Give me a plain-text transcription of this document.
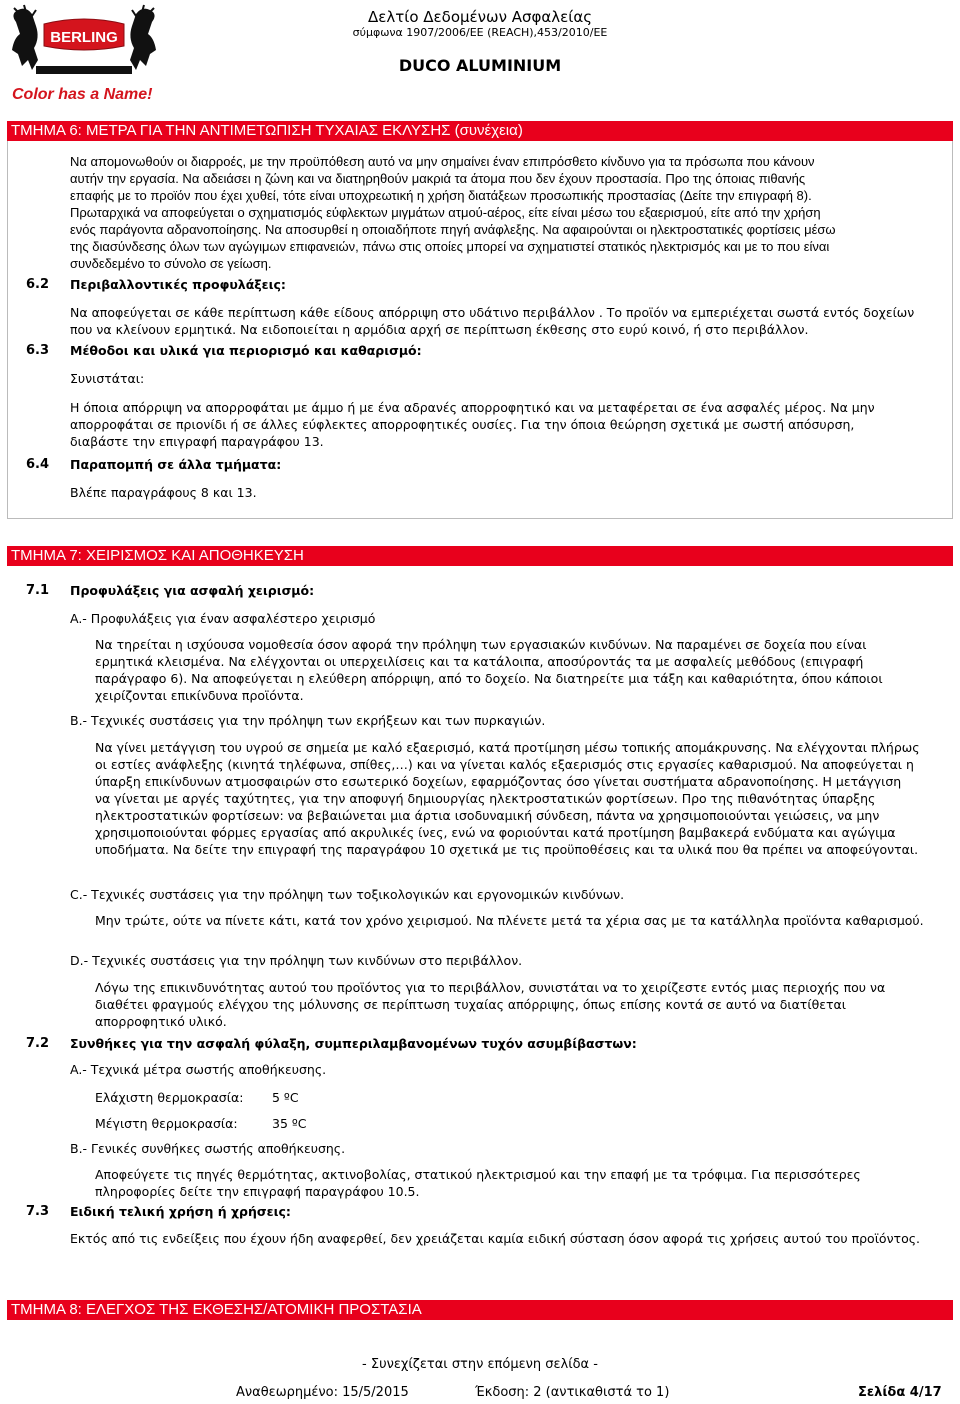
BERLING
Color has a Name!
Δελτίο Δεδομένων Ασφαλείας
σύμφωνα 1907/2006/ΕΕ (REACH),453/2010/ΕΕ
DUCO ALUMINIUM
ΤΜΗΜΑ 6: ΜΕΤΡΑ ΓΙΑ ΤΗΝ ΑΝΤΙΜΕΤΩΠΙΣΗ ΤΥΧΑΙΑΣ ΕΚΛΥΣΗΣ (συνέχεια)
Να απομονωθούν οι διαρροές, με την προϋπόθεση αυτό να μην σημαίνει έναν επιπρόσθετο κίνδυνο για τα πρόσωπα που κάνουν
αυτήν την εργασία. Να αδειάσει η ζώνη και να διατηρηθούν μακριά τα άτομα που δεν έχουν προστασία. Προ της όποιας πιθανής
επαφής με το προϊόν που έχει χυθεί, τότε είναι υποχρεωτική η χρήση διατάξεων προσωπικής προστασίας (Δείτε την επιγραφή 8).
Πρωταρχικά να αποφεύγεται ο σχηματισμός εύφλεκτων μιγμάτων ατμού-αέρος, είτε είναι μέσω του εξαερισμού, είτε από την χρήση
ενός παράγοντα αδρανοποίησης. Να αποσυρθεί η οποιαδήποτε πηγή ανάφλεξης. Να αφαιρούνται οι ηλεκτροστατικές φορτίσεις μέσω
της διασύνδεσης όλων των αγώγιμων επιφανειών, πάνω στις οποίες μπορεί να σχηματιστεί στατικός ηλεκτρισμός και με το που είναι
συνδεδεμένο το σύνολο σε γείωση.
6.2 Περιβαλλοντικές προφυλάξεις:
Να αποφεύγεται σε κάθε περίπτωση κάθε είδους απόρριψη στο υδάτινο περιβάλλον . Το προϊόν να εμπεριέχεται σωστά εντός δοχείων
που να κλείνουν ερμητικά. Να ειδοποιείται η αρμόδια αρχή σε περίπτωση έκθεσης στο ευρύ κοινό, ή στο περιβάλλον.
6.3 Μέθοδοι και υλικά για περιορισμό και καθαρισμό:
Συνιστάται:
Η όποια απόρριψη να απορροφάται με άμμο ή με ένα αδρανές απορροφητικό και να μεταφέρεται σε ένα ασφαλές μέρος. Να μην
απορροφάται σε πριονίδι ή σε άλλες εύφλεκτες απορροφητικές ουσίες. Για την όποια θεώρηση σχετικά με σωστή απόσυρση,
διαβάστε την επιγραφή παραγράφου 13.
6.4 Παραπομπή σε άλλα τμήματα:
Βλέπε παραγράφους 8 και 13.
ΤΜΗΜΑ 7: ΧΕΙΡΙΣΜΟΣ ΚΑΙ ΑΠΟΘΗΚΕΥΣΗ
7.1 Προφυλάξεις για ασφαλή χειρισμό:
A.- Προφυλάξεις για έναν ασφαλέστερο χειρισμό
Να τηρείται η ισχύουσα νομοθεσία όσον αφορά την πρόληψη των εργασιακών κινδύνων. Να παραμένει σε δοχεία που είναι
ερμητικά κλεισμένα. Να ελέγχονται οι υπερχειλίσεις και τα κατάλοιπα, αποσύροντάς τα με ασφαλείς μεθόδους (επιγραφή
παράγραφο 6). Να αποφεύγεται η ελεύθερη απόρριψη, από το δοχείο. Να διατηρείτε μια τάξη και καθαριότητα, όπου κάποιοι
χειρίζονται επικίνδυνα προϊόντα.
B.- Τεχνικές συστάσεις για την πρόληψη των εκρήξεων και των πυρκαγιών.
Να γίνει μετάγγιση του υγρού σε σημεία με καλό εξαερισμό, κατά προτίμηση μέσω τοπικής απομάκρυνσης. Να ελέγχονται πλήρως
οι εστίες ανάφλεξης (κινητά τηλέφωνα, σπίθες,…) και να γίνεται καλός εξαερισμός στις εργασίες καθαρισμού. Να αποφεύγεται η
ύπαρξη επικίνδυνων ατμοσφαιρών στο εσωτερικό δοχείων, εφαρμόζοντας όσο γίνεται συστήματα αδρανοποίησης. Η μετάγγιση
να γίνεται με αργές ταχύτητες, για την αποφυγή δημιουργίας ηλεκτροστατικών φορτίσεων. Προ της πιθανότητας ύπαρξης
ηλεκτροστατικών φορτίσεων: να βεβαιώνεται μια άρτια ισοδυναμική σύνδεση, πάντα να χρησιμοποιούνται γειώσεις, να μην
χρησιμοποιούνται φόρμες εργασίας από ακρυλικές ίνες, ενώ να φοριούνται κατά προτίμηση βαμβακερά ενδύματα και αγώγιμα
υποδήματα. Να δείτε την επιγραφή της παραγράφου 10 σχετικά με τις προϋποθέσεις και τα υλικά που θα πρέπει να αποφεύγονται.
C.- Τεχνικές συστάσεις για την πρόληψη των τοξικολογικών και εργονομικών κινδύνων.
Μην τρώτε, ούτε να πίνετε κάτι, κατά τον χρόνο χειρισμού. Να πλένετε μετά τα χέρια σας με τα κατάλληλα προϊόντα καθαρισμού.
D.- Τεχνικές συστάσεις για την πρόληψη των κινδύνων στο περιβάλλον.
Λόγω της επικινδυνότητας αυτού του προϊόντος για το περιβάλλον, συνιστάται να το χειρίζεστε εντός μιας περιοχής που να
διαθέτει φραγμούς ελέγχου της μόλυνσης σε περίπτωση τυχαίας απόρριψης, όπως επίσης κοντά σε αυτό να διατίθεται
απορροφητικό υλικό.
7.2 Συνθήκες για την ασφαλή φύλαξη, συμπεριλαμβανομένων τυχόν ασυμβίβαστων:
A.- Τεχνικά μέτρα σωστής αποθήκευσης.
Ελάχιστη θερμοκρασία: 5 ºC
Μέγιστη θερμοκρασία:	35 ºC
B.- Γενικές συνθήκες σωστής αποθήκευσης.
Αποφεύγετε τις πηγές θερμότητας, ακτινοβολίας, στατικού ηλεκτρισμού και την επαφή με τα τρόφιμα. Για περισσότερες
πληροφορίες δείτε την επιγραφή παραγράφου 10.5.
7.3 Ειδική τελική χρήση ή χρήσεις:
Εκτός από τις ενδείξεις που έχουν ήδη αναφερθεί, δεν χρειάζεται καμία ειδική σύσταση όσον αφορά τις χρήσεις αυτού του προϊόντος.
ΤΜΗΜΑ 8: ΕΛΕΓΧΟΣ ΤΗΣ ΕΚΘΕΣΗΣ/ΑΤΟΜΙΚΗ ΠΡΟΣΤΑΣΙΑ
- Συνεχίζεται στην επόμενη σελίδα -
Αναθεωρημένο: 15/5/2015	Έκδοση: 2 (αντικαθιστά το 1)	Σελίδα 4/17
